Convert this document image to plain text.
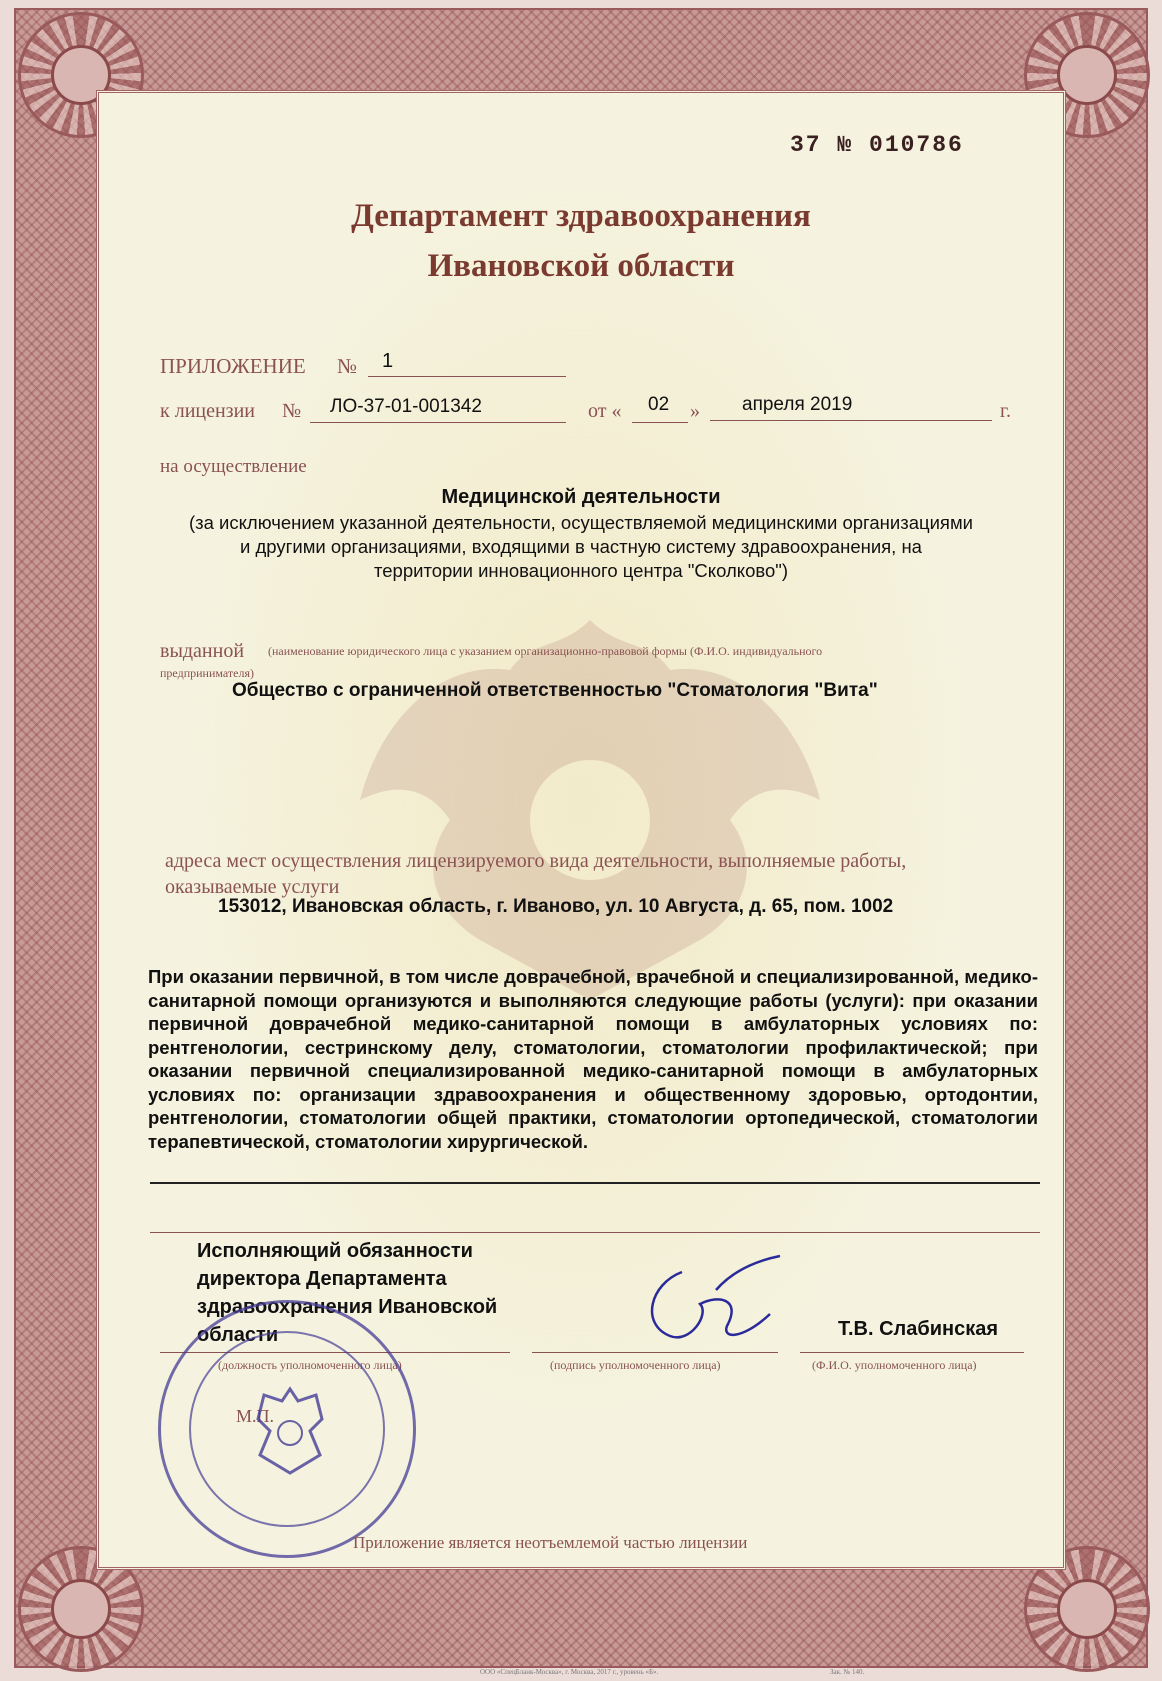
37 № 010786
Департамент здравоохранения
Ивановской области
ПРИЛОЖЕНИЕ № 1
к лицензии № ЛО-37-01-001342	от « 02 » апреля 2019	г.
на осуществление
Медицинской деятельности
(за исключением указанной деятельности, осуществляемой медицинскими организациями
и другими организациями, входящими в частную систему здравоохранения, на
территории инновационного центра "Сколково")
выданной (наименование юридического лица с указанием организационно-правовой формы (Ф.И.О. индивидуального
предпринимателя)
Общество с ограниченной ответственностью "Стоматология "Вита"
адреса мест осуществления лицензируемого вида деятельности, выполняемые работы,
оказываемые услуги
153012, Ивановская область, г. Иваново, ул. 10 Августа, д. 65, пом. 1002
При оказании первичной, в том числе доврачебной, врачебной и специализированной, медико-санитарной помощи организуются и выполняются следующие работы (услуги): при оказании первичной доврачебной медико-санитарной помощи в амбулаторных условиях по: рентгенологии, сестринскому делу, стоматологии, стоматологии профилактической; при оказании первичной специализированной медико-санитарной помощи в амбулаторных условиях по: организации здравоохранения и общественному здоровью, ортодонтии, рентгенологии, стоматологии общей практики, стоматологии ортопедической, стоматологии терапевтической, стоматологии хирургической.
Исполняющий обязанности
директора Департамента
здравоохранения Ивановской
области	Т.В. Слабинская
(должность уполномоченного лица)	(подпись уполномоченного лица)	(Ф.И.О. уполномоченного лица)
М.П.
Приложение является неотъемлемой частью лицензии
ООО «СпецБланк-Москва», г. Москва, 2017 г., уровень «Б».	Зак. № 140.
